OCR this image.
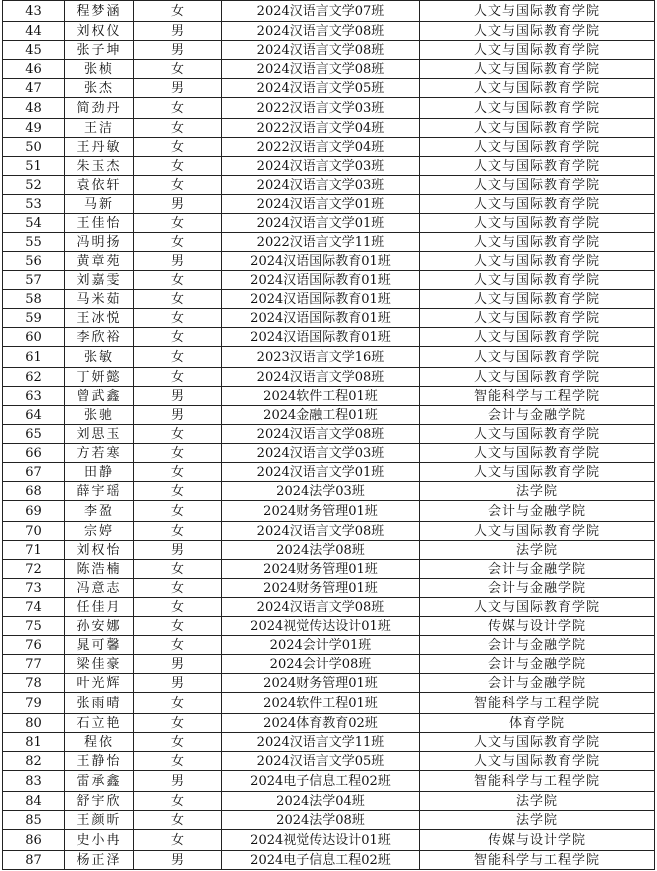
43	程梦涵	女	2024汉语言文学07班	人文与国际教育学院
44	刘权仪	男	2024汉语言文学08班	人文与国际教育学院
45	张子坤	男	2024汉语言文学08班	人文与国际教育学院
46	张桢	女	2024汉语言文学08班	人文与国际教育学院
47	张杰	男	2024汉语言文学05班	人文与国际教育学院
48	简劲丹	女	2022汉语言文学03班	人文与国际教育学院
49	王洁	女	2022汉语言文学04班	人文与国际教育学院
50	王丹敏	女	2022汉语言文学04班	人文与国际教育学院
51	朱玉杰	女	2024汉语言文学03班	人文与国际教育学院
52	袁依轩	女	2024汉语言文学03班	人文与国际教育学院
53	马新	男	2024汉语言文学01班	人文与国际教育学院
54	王佳怡	女	2024汉语言文学01班	人文与国际教育学院
55	冯明扬	女	2022汉语言文学11班	人文与国际教育学院
56	黄章苑	男	2024汉语国际教育01班	人文与国际教育学院
57	刘嘉雯	女	2024汉语国际教育01班	人文与国际教育学院
58	马米茹	女	2024汉语国际教育01班	人文与国际教育学院
59	王冰悦	女	2024汉语国际教育01班	人文与国际教育学院
60	李欣裕	女	2024汉语国际教育01班	人文与国际教育学院
61	张敏	女	2023汉语言文学16班	人文与国际教育学院
62	丁妍懿	女	2024汉语言文学08班	人文与国际教育学院
63	曾武鑫	男	2024软件工程01班	智能科学与工程学院
64	张驰	男	2024金融工程01班	会计与金融学院
65	刘思玉	女	2024汉语言文学08班	人文与国际教育学院
66	方若寒	女	2024汉语言文学03班	人文与国际教育学院
67	田静	女	2024汉语言文学01班	人文与国际教育学院
68	薛宇瑶	女	2024法学03班	法学院
69	李盈	女	2024财务管理01班	会计与金融学院
70	宗婷	女	2024汉语言文学08班	人文与国际教育学院
71	刘权怡	男	2024法学08班	法学院
72	陈浩楠	女	2024财务管理01班	会计与金融学院
73	冯意志	女	2024财务管理01班	会计与金融学院
74	任佳月	女	2024汉语言文学08班	人文与国际教育学院
75	孙安娜	女	2024视觉传达设计01班	传媒与设计学院
76	晁可馨	女	2024会计学01班	会计与金融学院
77	梁佳豪	男	2024会计学08班	会计与金融学院
78	叶光辉	男	2024财务管理01班	会计与金融学院
79	张雨晴	女	2024软件工程01班	智能科学与工程学院
80	石立艳	女	2024体育教育02班	体育学院
81	程依	女	2024汉语言文学11班	人文与国际教育学院
82	王静怡	女	2024汉语言文学05班	人文与国际教育学院
83	雷承鑫	男	2024电子信息工程02班	智能科学与工程学院
84	舒宇欣	女	2024法学04班	法学院
85	王颜昕	女	2024法学08班	法学院
86	史小冉	女	2024视觉传达设计01班	传媒与设计学院
87	杨正泽	男	2024电子信息工程02班	智能科学与工程学院
